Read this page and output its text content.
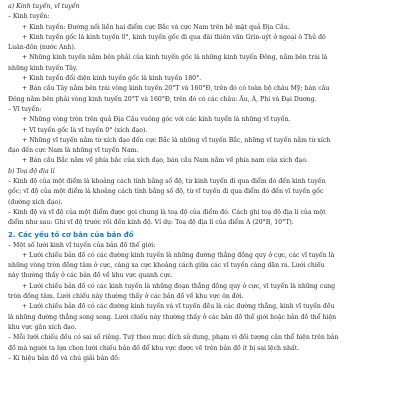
a) Kinh tuyến, vĩ tuyến

– Kinh tuyến:

+ Kinh tuyến: Đường nối liền hai điểm cực Bắc và cực Nam trên bề mặt quả Địa Cầu.

+ Kinh tuyến gốc là kinh tuyến 0°, kinh tuyến gốc đi qua đài thiên văn Grin-uýt ở ngoại ô Thủ đô

Luân-đôn (nước Anh).

+ Những kinh tuyến nằm bên phải của kinh tuyến gốc là những kinh tuyến Đông, nằm bên trái là

những kinh tuyến Tây.

+ Kinh tuyến đối diện kinh tuyến gốc là kinh tuyến 180°.

+ Bán cầu Tây nằm bên trái vòng kinh tuyến 20°T và 160°Đ, trên đó có toàn bộ châu Mỹ; bán cầu

Đông nằm bên phải vòng kinh tuyến 20°T và 160°Đ, trên đó có các châu: Âu, Á, Phi và Đại Dương.

– Vĩ tuyến:

+ Những vòng tròn trên quả Địa Cầu vuông góc với các kinh tuyến là những vĩ tuyến.

+ Vĩ tuyến gốc là vĩ tuyến 0° (xích đạo).

+ Những vĩ tuyến nằm từ xích đạo đến cực Bắc là những vĩ tuyến Bắc, những vĩ tuyến nằm từ xích

đạo đến cực Nam là những vĩ tuyến Nam.

+ Bán cầu Bắc nằm về phía bắc của xích đạo, bán cầu Nam nằm về phía nam của xích đạo.

b) Toạ độ địa lí

– Kinh độ của một điểm là khoảng cách tính bằng số độ, từ kinh tuyến đi qua điểm đó đến kinh tuyến

gốc; vĩ độ của một điểm là khoảng cách tính bằng số độ, từ vĩ tuyến đi qua điểm đó đến vĩ tuyến gốc

(đường xích đạo).

– Kinh độ và vĩ độ của một điểm được gọi chung là toạ độ của điểm đó. Cách ghi toạ độ địa lí của một

điểm như sau: Ghi vĩ độ trước rồi đến kinh độ. Ví dụ: Toạ độ địa lí của điểm A (20°B, 10°T).

2. Các yếu tố cơ bản của bản đồ

– Một số lưới kinh vĩ tuyến của bản đồ thế giới:

+ Lưới chiếu bản đồ có các đường kinh tuyến là những đường thẳng đồng quy ở cực, các vĩ tuyến là

những vòng tròn đồng tâm ở cực, càng xa cực khoảng cách giữa các vĩ tuyến càng dãn ra. Lưới chiếu

này thường thấy ở các bản đồ về khu vực quanh cực.

+ Lưới chiếu bản đồ có các kinh tuyến là những đoạn thẳng đồng quy ở cực, vĩ tuyến là những cung

tròn đồng tâm. Lưới chiếu này thường thấy ở các bản đồ về khu vực ôn đới.

+ Lưới chiếu bản đồ có các đường kinh tuyến và vĩ tuyến đều là các đường thẳng, kinh vĩ tuyến đều

là những đường thẳng song song. Lưới chiếu này thường thấy ở các bản đồ thế giới hoặc bản đồ thể hiện

khu vực gần xích đạo.

– Mỗi lưới chiếu đều có sai số riêng. Tuỳ theo mục đích sử dụng, phạm vi đối tượng cần thể hiện trên bản

đồ mà người ta lựa chọn lưới chiếu bản đồ để khu vực được vẽ trên bản đồ ít bị sai lệch nhất.

– Kí hiệu bản đồ và chú giải bản đồ:
